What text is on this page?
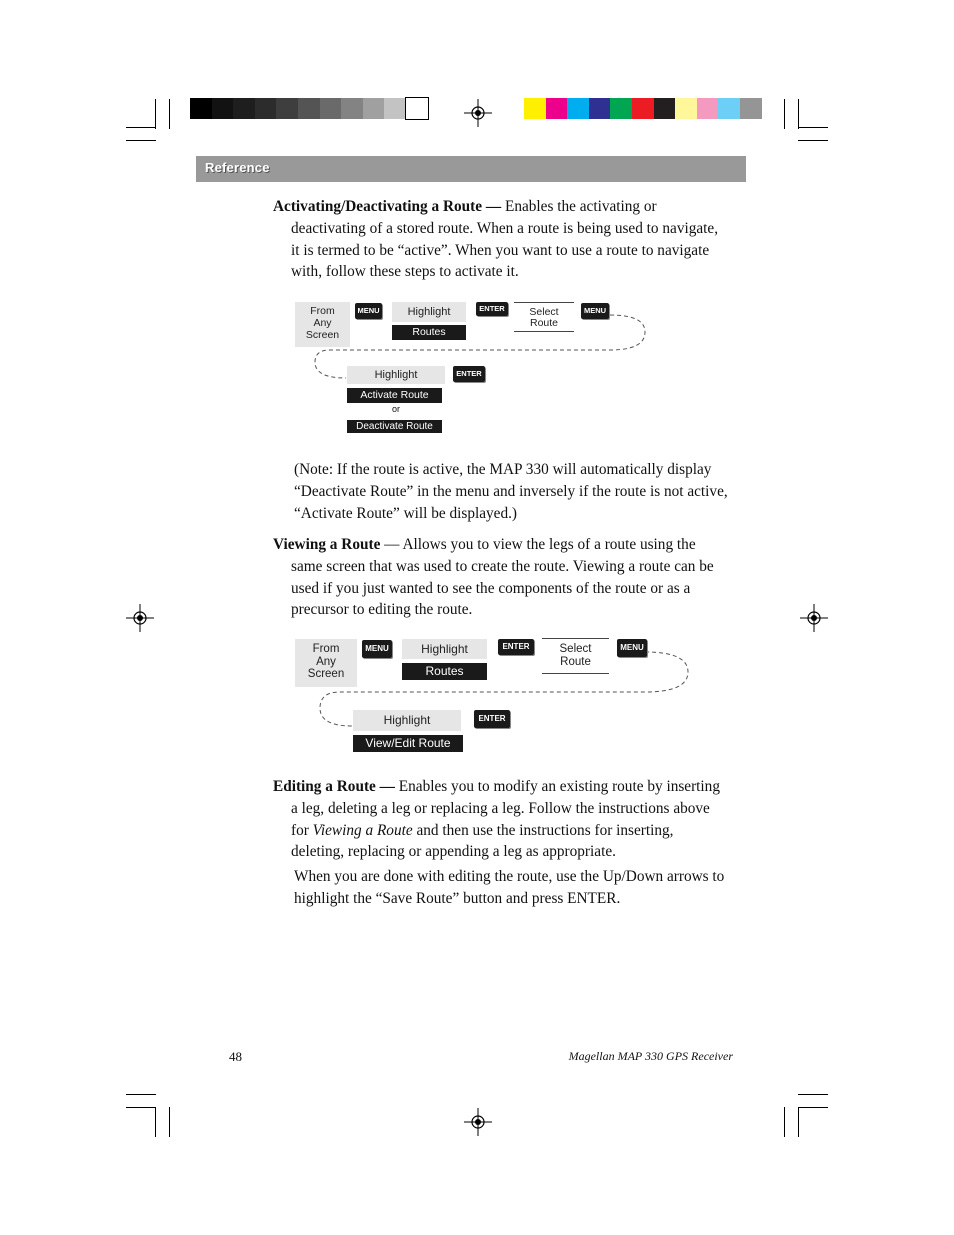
Reference

Activating/Deactivating a Route — Enables the activating or deactivating of a stored route. When a route is being used to navigate, it is termed to be “active”. When you want to use a route to navigate with, follow these steps to activate it.

From
Any
Screen
MENU	Highlight
Routes
ENTER	Select
Route
MENU
Highlight	ENTER
Activate Route
or
Deactivate Route
(Note: If the route is active, the MAP 330 will automatically display “Deactivate Route” in the menu and inversely if the route is not active, “Activate Route” will be displayed.)

Viewing a Route — Allows you to view the legs of a route using the same screen that was used to create the route. Viewing a route can be used if you just wanted to see the components of the route or as a precursor to editing the route.

From
Any
Screen
MENU	Highlight
Routes
ENTER	Select
Route
MENU
Highlight	ENTER
View/Edit Route

Editing a Route — Enables you to modify an existing route by inserting a leg, deleting a leg or replacing a leg. Follow the instructions above for Viewing a Route and then use the instructions for inserting, deleting, replacing or appending a leg as appropriate.

When you are done with editing the route, use the Up/Down arrows to highlight the “Save Route” button and press ENTER.
48	Magellan MAP 330 GPS Receiver
